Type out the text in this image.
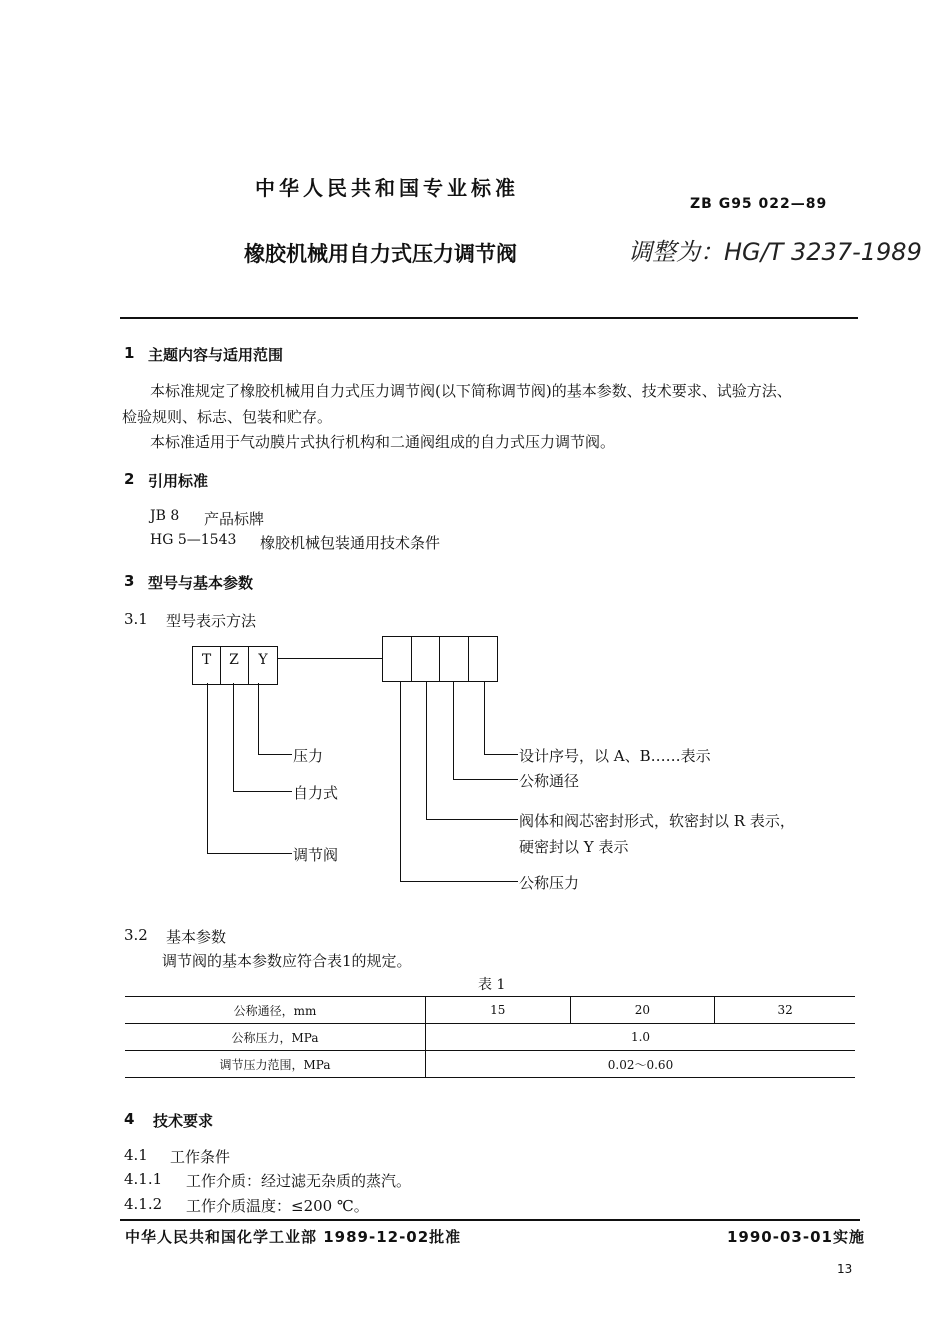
中华人民共和国专业标准
ZB G95 022—89
橡胶机械用自力式压力调节阀	调整为：HG/T 3237-1989
1 主题内容与适用范围
本标准规定了橡胶机械用自力式压力调节阀(以下简称调节阀)的基本参数、技术要求、试验方法、
检验规则、标志、包装和贮存。
本标准适用于气动膜片式执行机构和二通阀组成的自力式压力调节阀。
2 引用标准
JB 8 产品标牌
HG 5—1543 橡胶机械包装通用技术条件
3 型号与基本参数
3.1 型号表示方法
T	Z	Y
压力
自力式
调节阀
设计序号，以 A、B……表示
公称通径
阀体和阀芯密封形式，软密封以 R 表示，
硬密封以 Y 表示
公称压力
3.2 基本参数
调节阀的基本参数应符合表1的规定。
表 1
公称通径，mm	15	20	32
公称压力，MPa	1.0		
调节压力范围，MPa	0.02～0.60		
4 技术要求
4.1 工作条件
4.1.1 工作介质：经过滤无杂质的蒸汽。
4.1.2 工作介质温度：≤200 ℃。
中华人民共和国化学工业部 1989-12-02批准	1990-03-01实施
13
